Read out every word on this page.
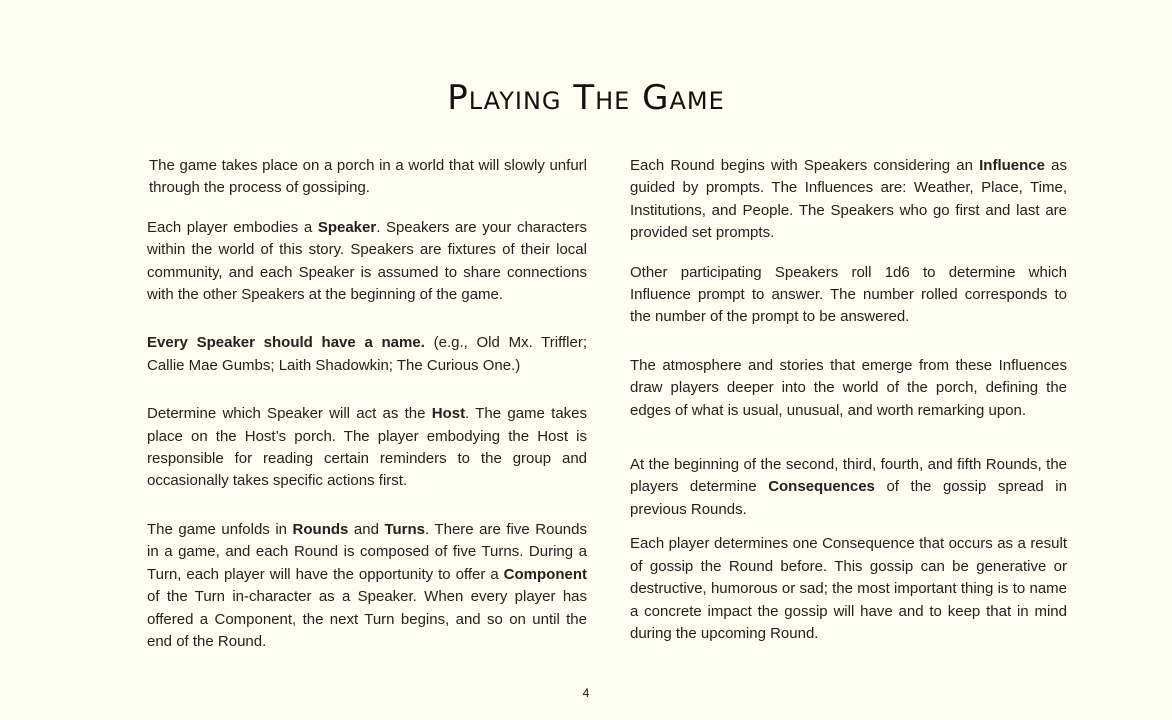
Playing The Game

The game takes place on a porch in a world that will slowly unfurl through the process of gossiping.

Each player embodies a Speaker. Speakers are your characters within the world of this story. Speakers are fixtures of their local community, and each Speaker is assumed to share connections with the other Speakers at the beginning of the game.

Every Speaker should have a name. (e.g., Old Mx. Triffler; Callie Mae Gumbs; Laith Shadowkin; The Curious One.)

Determine which Speaker will act as the Host. The game takes place on the Host’s porch. The player embodying the Host is responsible for reading certain reminders to the group and occasionally takes specific actions first.

The game unfolds in Rounds and Turns. There are five Rounds in a game, and each Round is composed of five Turns. During a Turn, each player will have the opportunity to offer a Component of the Turn in-character as a Speaker. When every player has offered a Component, the next Turn begins, and so on until the end of the Round.

Each Round begins with Speakers considering an Influence as guided by prompts. The Influences are: Weather, Place, Time, Institutions, and People. The Speakers who go first and last are provided set prompts.

Other participating Speakers roll 1d6 to determine which Influence prompt to answer. The number rolled corresponds to the number of the prompt to be answered.

The atmosphere and stories that emerge from these Influences draw players deeper into the world of the porch, defining the edges of what is usual, unusual, and worth remarking upon.

At the beginning of the second, third, fourth, and fifth Rounds, the players determine Consequences of the gossip spread in previous Rounds.

Each player determines one Consequence that occurs as a result of gossip the Round before. This gossip can be generative or destructive, humorous or sad; the most important thing is to name a concrete impact the gossip will have and to keep that in mind during the upcoming Round.

4
